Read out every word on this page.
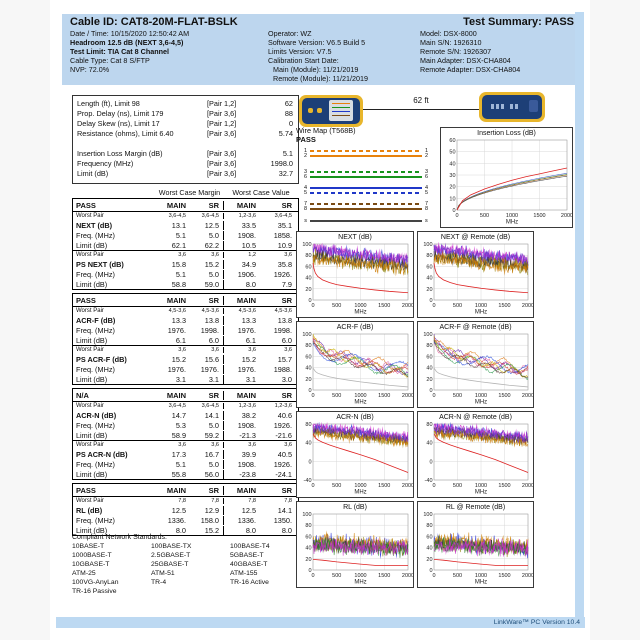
Cable ID: CAT8-20M-FLAT-BSLK
Date / Time: 10/15/2020 12:50:42 AM
Headroom 12.5 dB (NEXT 3,6-4,5)
Test Limit: TIA Cat 8 Channel
Cable Type: Cat 8 S/FTP
NVP: 72.0%
Operator: WZ
Software Version: V6.5 Build 5
Limits Version: V7.5
Calibration Start Date:
Main (Module): 11/21/2019
Remote (Module): 11/21/2019
Test Summary: PASS
Model: DSX-8000
Main S/N: 1926310
Remote S/N: 1926307
Main Adapter: DSX-CHA804
Remote Adapter: DSX-CHA804
Length (ft), Limit 98	[Pair 1,2]	62
Prop. Delay (ns), Limit 179	[Pair 3,6]	88
Delay Skew (ns), Limit 17	[Pair 1,2]	0
Resistance (ohms), Limit 6.40	[Pair 3,6]	5.74
Insertion Loss Margin (dB)	[Pair 3,6]	5.1
Frequency (MHz)	[Pair 3,6]	1998.0
Limit (dB)	[Pair 3,6]	32.7
62 ft
Wire Map (T568B)
PASS
1	1
2	2
3	3
6	6
4	4
5	5
7	7
8	8
s	s
Worst Case Margin	Worst Case Value
PASS	MAIN	SR	MAIN	SR
Worst Pair	3,6-4,5	3,6-4,5	1,2-3,6	3,6-4,5
NEXT (dB)	13.1	12.5	33.5	35.1
Freq. (MHz)	5.1	5.0	1908.	1858.
Limit (dB)	62.1	62.2	10.5	10.9
Worst Pair	3,6	3,6	1,2	3,6
PS NEXT (dB)	15.8	15.2	34.9	35.8
Freq. (MHz)	5.1	5.0	1906.	1926.
Limit (dB)	58.8	59.0	8.0	7.9
PASS	MAIN	SR	MAIN	SR
Worst Pair	4,5-3,6	4,5-3,6	4,5-3,6	4,5-3,6
ACR-F (dB)	13.3	13.8	13.3	13.8
Freq. (MHz)	1976.	1998.	1976.	1998.
Limit (dB)	6.1	6.0	6.1	6.0
Worst Pair	3,6	3,6	3,6	3,6
PS ACR-F (dB)	15.2	15.6	15.2	15.7
Freq. (MHz)	1976.	1976.	1976.	1988.
Limit (dB)	3.1	3.1	3.1	3.0
N/A	MAIN	SR	MAIN	SR
Worst Pair	3,6-4,5	3,6-4,5	1,2-3,6	1,2-3,6
ACR-N (dB)	14.7	14.1	38.2	40.6
Freq. (MHz)	5.3	5.0	1908.	1926.
Limit (dB)	58.9	59.2	-21.3	-21.6
Worst Pair	3,6	3,6	3,6	3,6
PS ACR-N (dB)	17.3	16.7	39.9	40.5
Freq. (MHz)	5.1	5.0	1908.	1926.
Limit (dB)	55.8	56.0	-23.8	-24.1
PASS	MAIN	SR	MAIN	SR
Worst Pair	7,8	7,8	7,8	7,8
RL (dB)	12.5	12.9	12.5	14.1
Freq. (MHz)	1336.	158.0	1336.	1350.
Limit (dB)	8.0	15.2	8.0	8.0
Compliant Network Standards:
10BASE-T	100BASE-TX	100BASE-T4
1000BASE-T	2.5GBASE-T	5GBASE-T
10GBASE-T	25GBASE-T	40GBASE-T
ATM-25	ATM-51	ATM-155
100VG-AnyLan	TR-4	TR-16 Active
TR-16 Passive
Insertion Loss (dB)
NEXT (dB)	NEXT @ Remote (dB)
ACR-F (dB)	ACR-F @ Remote (dB)
ACR-N (dB)	ACR-N @ Remote (dB)
RL (dB)	RL @ Remote (dB)
LinkWare™ PC Version 10.4
